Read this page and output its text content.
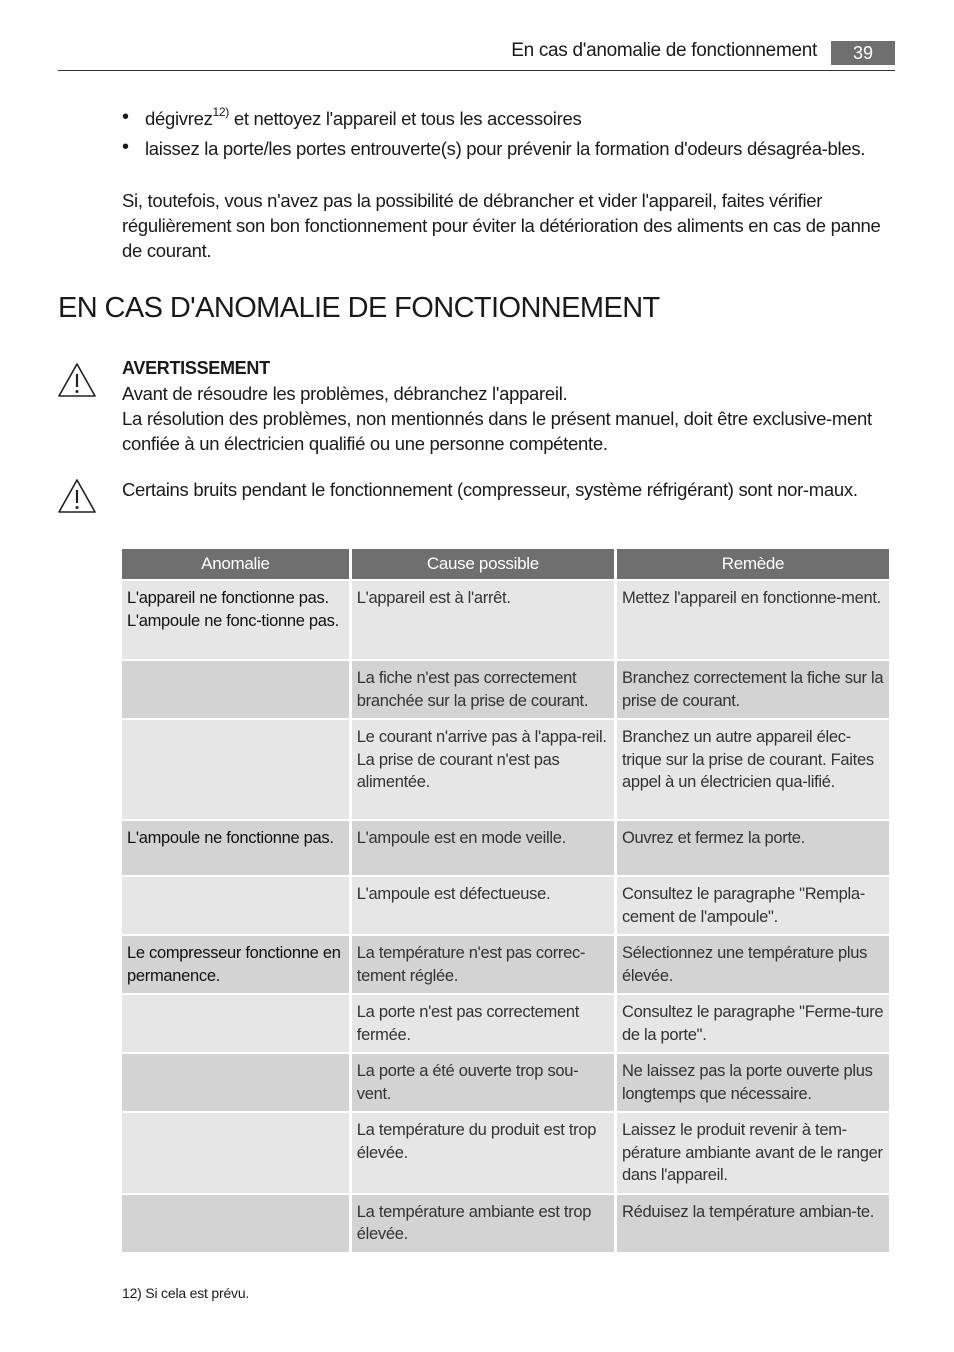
En cas d'anomalie de fonctionnement	39
• dégivrez$^{12)}$ et nettoyez l'appareil et tous les accessoires
• laissez la porte/les portes entrouverte(s) pour prévenir la formation d'odeurs désagréa-bles.
Si, toutefois, vous n'avez pas la possibilité de débrancher et vider l'appareil, faites vérifier régulièrement son bon fonctionnement pour éviter la détérioration des aliments en cas de panne de courant.
EN CAS D'ANOMALIE DE FONCTIONNEMENT
AVERTISSEMENT
Avant de résoudre les problèmes, débranchez l'appareil.
La résolution des problèmes, non mentionnés dans le présent manuel, doit être exclusive-ment confiée à un électricien qualifié ou une personne compétente.
Certains bruits pendant le fonctionnement (compresseur, système réfrigérant) sont nor-maux.
Anomalie	Cause possible	Remède
L'appareil ne fonctionne pas. L'ampoule ne fonc-tionne pas.	L'appareil est à l'arrêt.	Mettez l'appareil en fonctionne-ment.
	La fiche n'est pas correctement branchée sur la prise de courant.	Branchez correctement la fiche sur la prise de courant.
	Le courant n'arrive pas à l'appa-reil. La prise de courant n'est pas alimentée.	Branchez un autre appareil élec-trique sur la prise de courant. Faites appel à un électricien qua-lifié.
L'ampoule ne fonctionne pas.	L'ampoule est en mode veille.	Ouvrez et fermez la porte.
	L'ampoule est défectueuse.	Consultez le paragraphe "Rempla-cement de l'ampoule".
Le compresseur fonctionne en permanence.	La température n'est pas correc-tement réglée.	Sélectionnez une température plus élevée.
	La porte n'est pas correctement fermée.	Consultez le paragraphe "Ferme-ture de la porte".
	La porte a été ouverte trop sou-vent.	Ne laissez pas la porte ouverte plus longtemps que nécessaire.
	La température du produit est trop élevée.	Laissez le produit revenir à tem-pérature ambiante avant de le ranger dans l'appareil.
	La température ambiante est trop élevée.	Réduisez la température ambian-te.
12) Si cela est prévu.
